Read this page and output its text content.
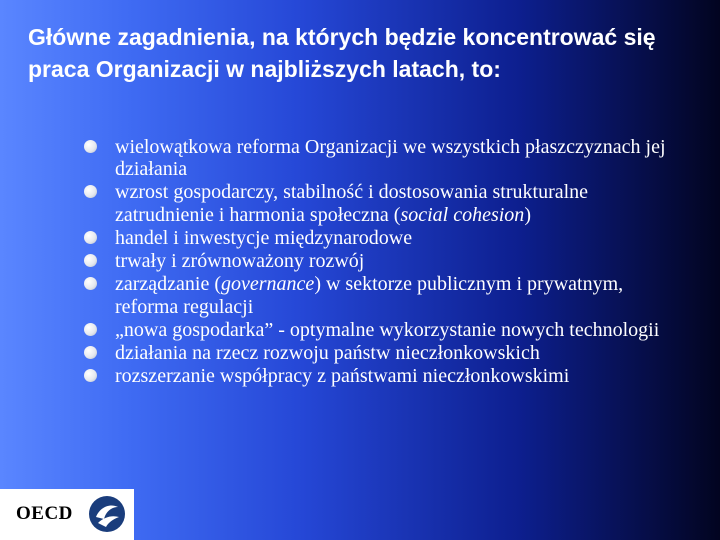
Główne zagadnienia, na których będzie koncentrować się praca Organizacji w najbliższych latach, to:
wielowątkowa reforma Organizacji we wszystkich płaszczyznach jej działania
wzrost gospodarczy, stabilność i dostosowania strukturalne
zatrudnienie i harmonia społeczna (social cohesion)
handel i inwestycje międzynarodowe
trwały i zrównoważony rozwój
zarządzanie (governance) w sektorze publicznym i prywatnym,
reforma regulacji
„nowa gospodarka” - optymalne wykorzystanie nowych technologii
działania na rzecz rozwoju państw nieczłonkowskich
rozszerzanie współpracy z państwami nieczłonkowskimi
OECD
